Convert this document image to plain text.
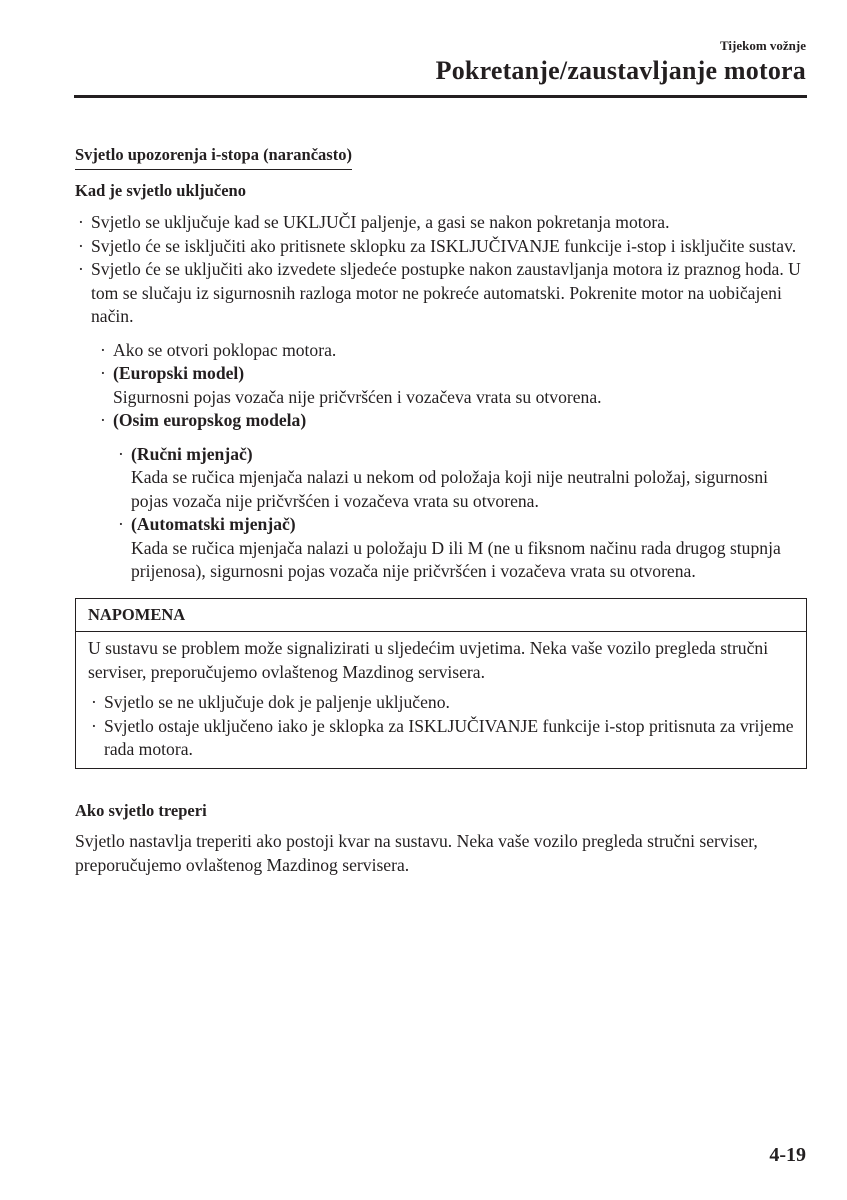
Tijekom vožnje
Pokretanje/zaustavljanje motora
Svjetlo upozorenja i-stopa (narančasto)
Kad je svjetlo uključeno
· Svjetlo se uključuje kad se UKLJUČI paljenje, a gasi se nakon pokretanja motora.
· Svjetlo će se isključiti ako pritisnete sklopku za ISKLJUČIVANJE funkcije i-stop i isključite sustav.
· Svjetlo će se uključiti ako izvedete sljedeće postupke nakon zaustavljanja motora iz praznog hoda. U tom se slučaju iz sigurnosnih razloga motor ne pokreće automatski. Pokrenite motor na uobičajeni način.
· Ako se otvori poklopac motora.
· (Europski model)
Sigurnosni pojas vozača nije pričvršćen i vozačeva vrata su otvorena.
· (Osim europskog modela)
· (Ručni mjenjač)
Kada se ručica mjenjača nalazi u nekom od položaja koji nije neutralni položaj, sigurnosni pojas vozača nije pričvršćen i vozačeva vrata su otvorena.
· (Automatski mjenjač)
Kada se ručica mjenjača nalazi u položaju D ili M (ne u fiksnom načinu rada drugog stupnja prijenosa), sigurnosni pojas vozača nije pričvršćen i vozačeva vrata su otvorena.
NAPOMENA
U sustavu se problem može signalizirati u sljedećim uvjetima. Neka vaše vozilo pregleda stručni serviser, preporučujemo ovlaštenog Mazdinog servisera.
· Svjetlo se ne uključuje dok je paljenje uključeno.
· Svjetlo ostaje uključeno iako je sklopka za ISKLJUČIVANJE funkcije i-stop pritisnuta za vrijeme rada motora.
Ako svjetlo treperi
Svjetlo nastavlja treperiti ako postoji kvar na sustavu. Neka vaše vozilo pregleda stručni serviser, preporučujemo ovlaštenog Mazdinog servisera.
4-19
